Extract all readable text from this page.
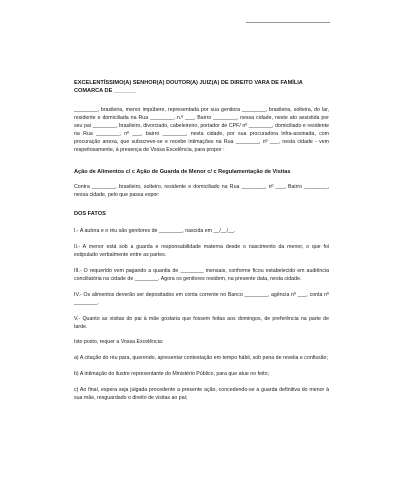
EXCELENTÍSSIMO(A) SENHOR(A) DOUTOR(A) JUIZ(A) DE DIREITO VARA DE FAMÍLIA COMARCA DE _______

________, brasileira, menor impúbere, representada por sua genitora ________, brasileira, solteira, do lar, residente e domiciliada na Rua ________, n.º ___, Bairro ________, nessa cidade, neste ato assistida por seu pai ________, brasileiro, divorciado, cabeleireiro, portador de CPF/ nº ________, domiciliado e residente na Rua ________, nº ___, bairro ________, nesta cidade, por sua procuradora infra-assinada, com procuração anexa, que subscreve-se e recebe intimações na Rua ________, nº ___, nesta cidade - vem respeitosamente, à presença de Vossa Excelência, para propor :

Ação de Alimentos c/ c Ação de Guarda de Menor c/ c Regulamentação de Visitas

Contra ________, brasileiro, solteiro, residente e domiciliado na Rua ________, nº ___, Bairro ________, nessa cidade, pelo que passa expor:

DOS FATOS

I.- A autora e o réu são genitores de ________, nascida em __/__/__.

II.- A menor está sob a guarda e responsabilidade materna desde o nascimento da menor, o que foi estipulado verbalmente entre as partes.

III.- O requerido vem pagando a quantia de ________ mensais, conforme ficou estabelecido em audiência conciliatória na cidade de ________. Agora os genitores residem, na presente data, nesta cidade.

IV.- Os alimentos deverão ser depositados em conta corrente no Banco ________, agência nº ___, conta nº ________.

V.- Quanto as visitas do pai à mãe gostaria que fossem feitas aos domingos, de preferência na parte de tarde.

Isto posto, requer a Vossa Excelência:

a) A citação do réu para, querendo, apresentar contestação em tempo hábil, sob pena de revelia e confissão;

b) A intimação do ilustre representante do Ministério Público, para que atue no feito;

c) Ao final, espera seja julgada procedente a presente ação, concedendo-se a guarda definitiva do menor à sua mãe, resguardado o direito de visitas ao pai;
